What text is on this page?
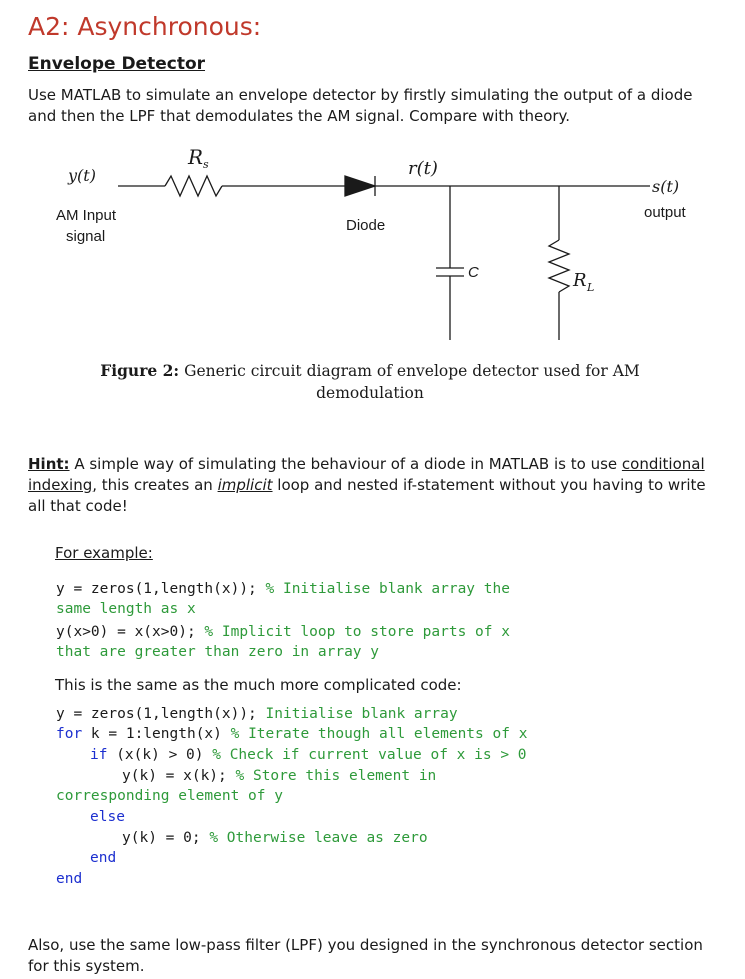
A2: Asynchronous:
Envelope Detector
Use MATLAB to simulate an envelope detector by firstly simulating the output of a diode and then the LPF that demodulates the AM signal. Compare with theory.
y(t)
AM Input
signal
R s	r(t)
Diode
s(t)
output
C	R L
Figure 2: Generic circuit diagram of envelope detector used for AM
demodulation
Hint: A simple way of simulating the behaviour of a diode in MATLAB is to use conditional indexing, this creates an implicit loop and nested if-statement without you having to write all that code!
For example:
y = zeros(1,length(x)); % Initialise blank array the
same length as x
y(x>0) = x(x>0); % Implicit loop to store parts of x
that are greater than zero in array y
This is the same as the much more complicated code:
y = zeros(1,length(x)); Initialise blank array
for k = 1:length(x) % Iterate though all elements of x
if (x(k) > 0) % Check if current value of x is > 0
y(k) = x(k); % Store this element in
corresponding element of y
else
y(k) = 0; % Otherwise leave as zero
end
end
Also, use the same low-pass filter (LPF) you designed in the synchronous detector section for this system.
